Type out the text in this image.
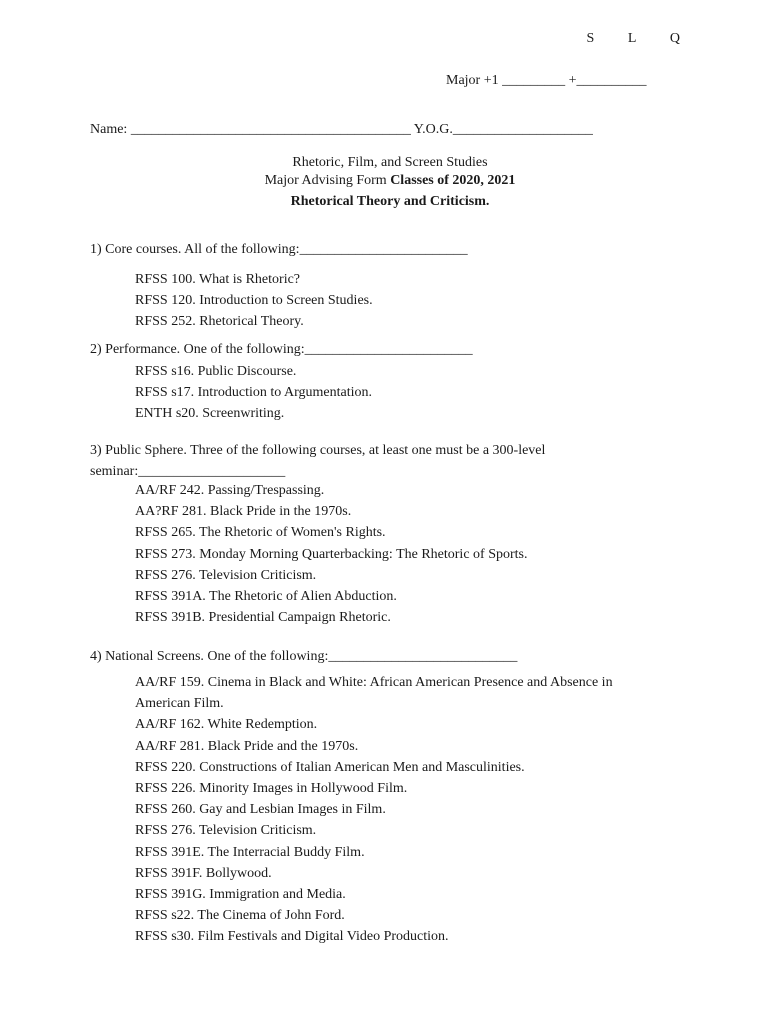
S L Q
Major +1 _________ +__________
Name: ________________________________________ Y.O.G.____________________
Rhetoric, Film, and Screen Studies
Major Advising Form Classes of 2020, 2021
Rhetorical Theory and Criticism.
1) Core courses. All of the following:________________________
RFSS 100. What is Rhetoric?
RFSS 120. Introduction to Screen Studies.
RFSS 252. Rhetorical Theory.
2) Performance. One of the following:________________________
RFSS s16. Public Discourse.
RFSS s17. Introduction to Argumentation.
ENTH s20. Screenwriting.
3) Public Sphere. Three of the following courses, at least one must be a 300-level
seminar:_____________________
AA/RF 242. Passing/Trespassing.
AA?RF 281. Black Pride in the 1970s.
RFSS 265. The Rhetoric of Women's Rights.
RFSS 273. Monday Morning Quarterbacking: The Rhetoric of Sports.
RFSS 276. Television Criticism.
RFSS 391A. The Rhetoric of Alien Abduction.
RFSS 391B. Presidential Campaign Rhetoric.
4) National Screens. One of the following:___________________________
AA/RF 159. Cinema in Black and White: African American Presence and Absence in
American Film.
AA/RF 162. White Redemption.
AA/RF 281. Black Pride and the 1970s.
RFSS 220. Constructions of Italian American Men and Masculinities.
RFSS 226. Minority Images in Hollywood Film.
RFSS 260. Gay and Lesbian Images in Film.
RFSS 276. Television Criticism.
RFSS 391E. The Interracial Buddy Film.
RFSS 391F. Bollywood.
RFSS 391G. Immigration and Media.
RFSS s22. The Cinema of John Ford.
RFSS s30. Film Festivals and Digital Video Production.
